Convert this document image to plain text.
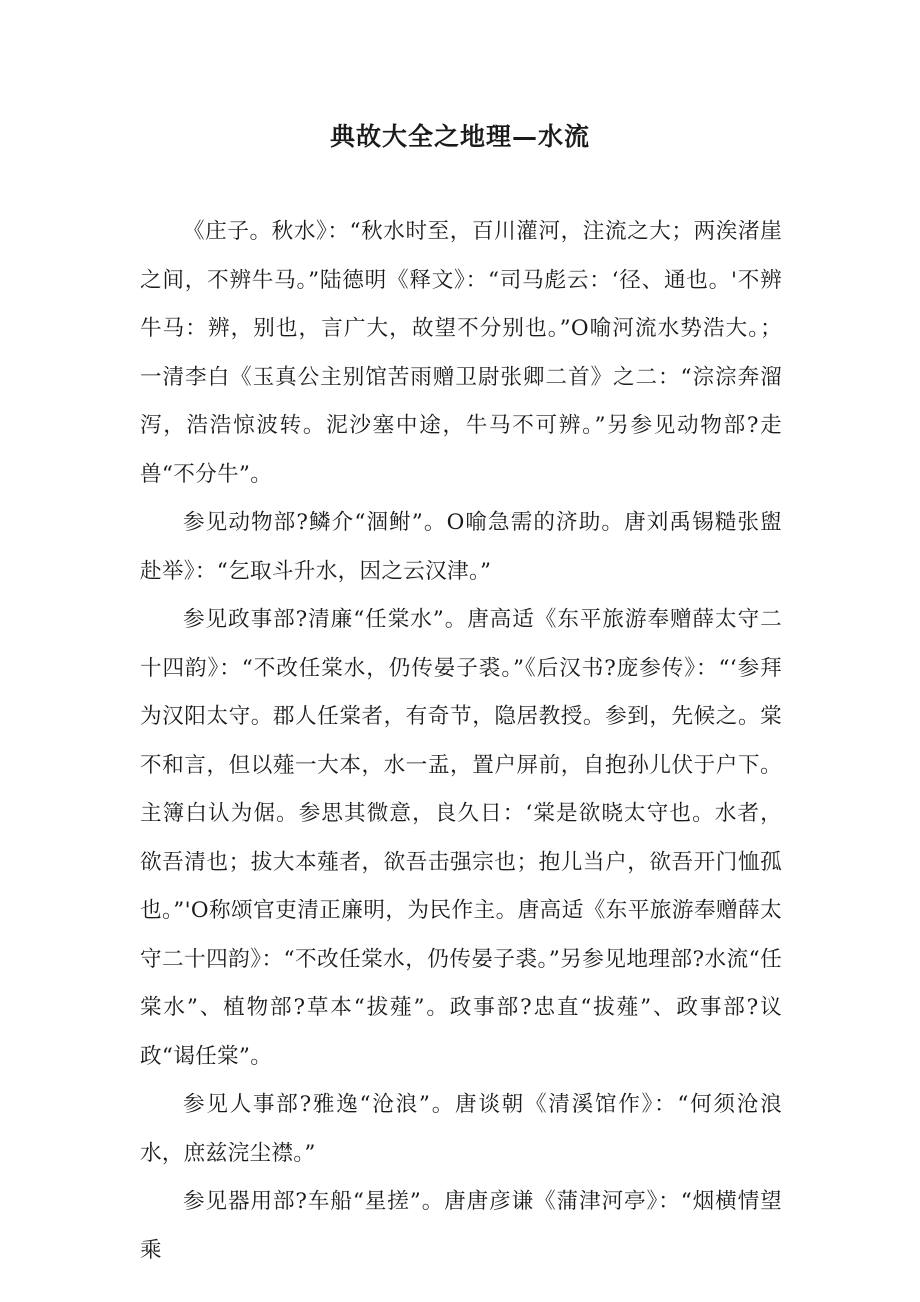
典故大全之地理—水流

《庄子。秋水》：“秋水时至，百川灌河，注流之大；两涘渚崖之间，不辨牛马。”陆德明《释文》：“司马彪云：‘径、通也。'不辨牛马：辨，别也，言广大，故望不分别也。”O喻河流水势浩大。；一清李白《玉真公主别馆苦雨赠卫尉张卿二首》之二：“淙淙奔溜泻，浩浩惊波转。泥沙塞中途，牛马不可辨。”另参见动物部?走兽“不分牛”。

参见动物部?鳞介“涸鲋”。O喻急需的济助。唐刘禹锡糙张盥赴举》：“乞取斗升水，因之云汉津。”

参见政事部?清廉“任棠水”。唐高适《东平旅游奉赠薛太守二十四韵》：“不改任棠水，仍传晏子裘。”《后汉书?庞参传》：“‘参拜为汉阳太守。郡人任棠者，有奇节，隐居教授。参到，先候之。棠不和言，但以薤一大本，水一盂，置户屏前，自抱孙儿伏于户下。主簿白认为倨。参思其微意，良久日：‘棠是欲晓太守也。水者，欲吾清也；拔大本薤者，欲吾击强宗也；抱儿当户，欲吾开门恤孤也。”'O称颂官吏清正廉明，为民作主。唐高适《东平旅游奉赠薛太守二十四韵》：“不改任棠水，仍传晏子裘。”另参见地理部?水流“任棠水”、植物部?草本“拔薤”。政事部?忠直“拔薤”、政事部?议政“谒任棠”。

参见人事部?雅逸“沧浪”。唐谈朝《清溪馆作》：“何须沧浪水，庶兹浣尘襟。”

参见器用部?车船“星搓”。唐唐彦谦《蒲津河亭》：“烟横情望乘
